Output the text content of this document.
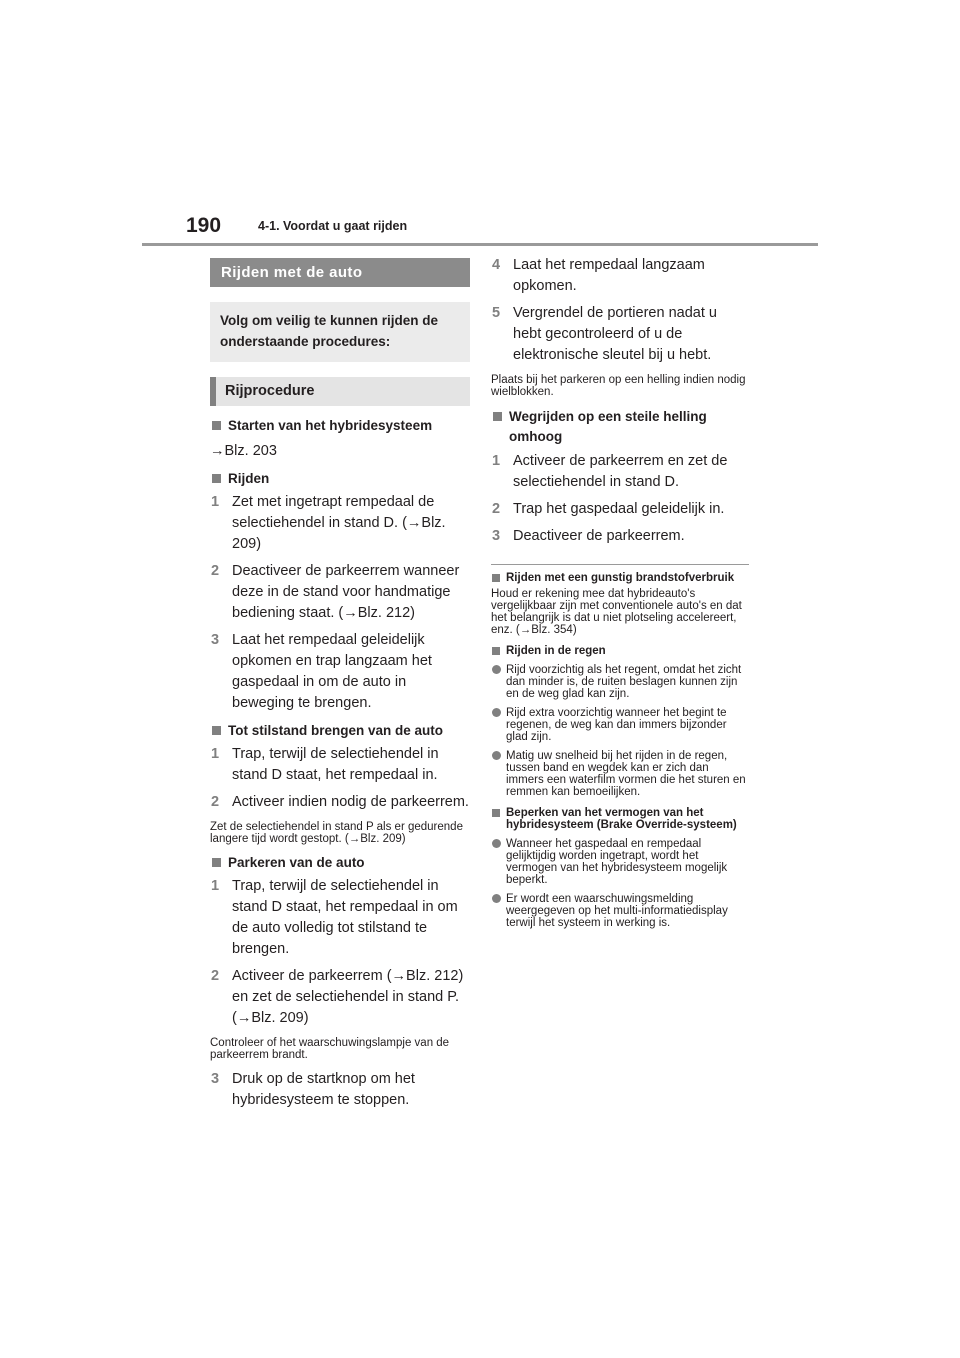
190	4-1. Voordat u gaat rijden
Rijden met de auto
Volg om veilig te kunnen rijden de onderstaande procedures:
Rijprocedure
Starten van het hybridesysteem
→Blz. 203
Rijden
1 Zet met ingetrapt rempedaal de selectiehendel in stand D. (→Blz. 209)
2 Deactiveer de parkeerrem wanneer deze in de stand voor handmatige bediening staat. (→Blz. 212)
3 Laat het rempedaal geleidelijk opkomen en trap langzaam het gaspedaal in om de auto in beweging te brengen.
Tot stilstand brengen van de auto
1 Trap, terwijl de selectiehendel in stand D staat, het rempedaal in.
2 Activeer indien nodig de parkeerrem.
Zet de selectiehendel in stand P als er gedurende langere tijd wordt gestopt. (→Blz. 209)
Parkeren van de auto
1 Trap, terwijl de selectiehendel in stand D staat, het rempedaal in om de auto volledig tot stilstand te brengen.
2 Activeer de parkeerrem (→Blz. 212) en zet de selectiehendel in stand P. (→Blz. 209)
Controleer of het waarschuwingslampje van de parkeerrem brandt.
3 Druk op de startknop om het hybridesysteem te stoppen.
4 Laat het rempedaal langzaam opkomen.
5 Vergrendel de portieren nadat u hebt gecontroleerd of u de elektronische sleutel bij u hebt.
Plaats bij het parkeren op een helling indien nodig wielblokken.
Wegrijden op een steile helling omhoog
1 Activeer de parkeerrem en zet de selectiehendel in stand D.
2 Trap het gaspedaal geleidelijk in.
3 Deactiveer de parkeerrem.
Rijden met een gunstig brandstofverbruik
Houd er rekening mee dat hybrideauto's vergelijkbaar zijn met conventionele auto's en dat het belangrijk is dat u niet plotseling accelereert, enz. (→Blz. 354)
Rijden in de regen
Rijd voorzichtig als het regent, omdat het zicht dan minder is, de ruiten beslagen kunnen zijn en de weg glad kan zijn.
Rijd extra voorzichtig wanneer het begint te regenen, de weg kan dan immers bijzonder glad zijn.
Matig uw snelheid bij het rijden in de regen, tussen band en wegdek kan er zich dan immers een waterfilm vormen die het sturen en remmen kan bemoeilijken.
Beperken van het vermogen van het hybridesysteem (Brake Override-systeem)
Wanneer het gaspedaal en rempedaal gelijktijdig worden ingetrapt, wordt het vermogen van het hybridesysteem mogelijk beperkt.
Er wordt een waarschuwingsmelding weergegeven op het multi-informatiedisplay terwijl het systeem in werking is.
